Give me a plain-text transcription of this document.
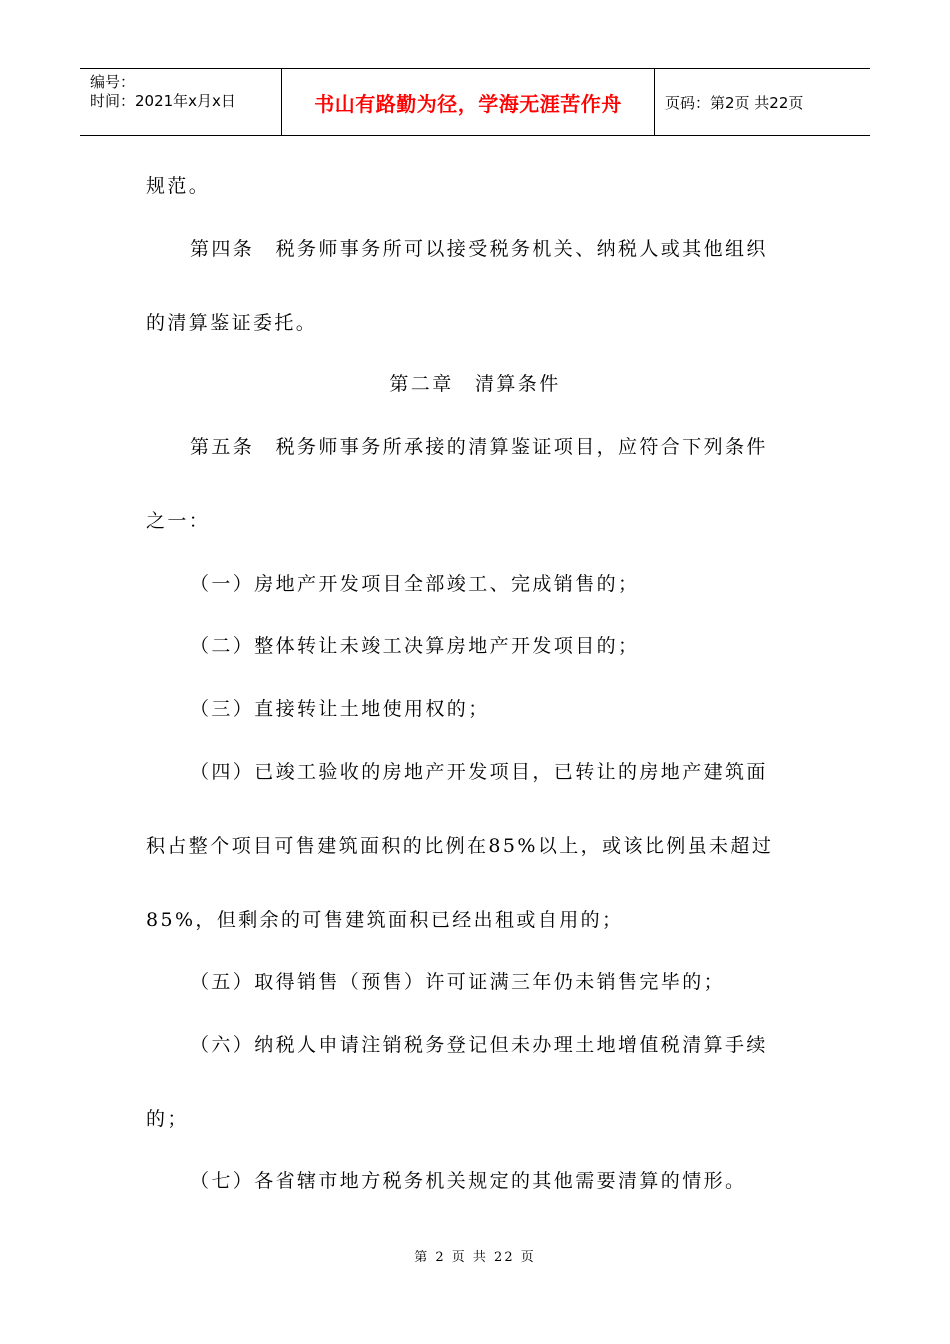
编号：
时间：2021年x月x日	书山有路勤为径，学海无涯苦作舟	页码：第2页 共22页
规范。
第四条　税务师事务所可以接受税务机关、纳税人或其他组织
的清算鉴证委托。
第二章　清算条件
第五条　税务师事务所承接的清算鉴证项目，应符合下列条件
之一：
（一）房地产开发项目全部竣工、完成销售的；
（二）整体转让未竣工决算房地产开发项目的；
（三）直接转让土地使用权的；
（四）已竣工验收的房地产开发项目，已转让的房地产建筑面
积占整个项目可售建筑面积的比例在85%以上，或该比例虽未超过
85%，但剩余的可售建筑面积已经出租或自用的；
（五）取得销售（预售）许可证满三年仍未销售完毕的；
（六）纳税人申请注销税务登记但未办理土地增值税清算手续
的；
（七）各省辖市地方税务机关规定的其他需要清算的情形。
第 2 页 共 22 页
